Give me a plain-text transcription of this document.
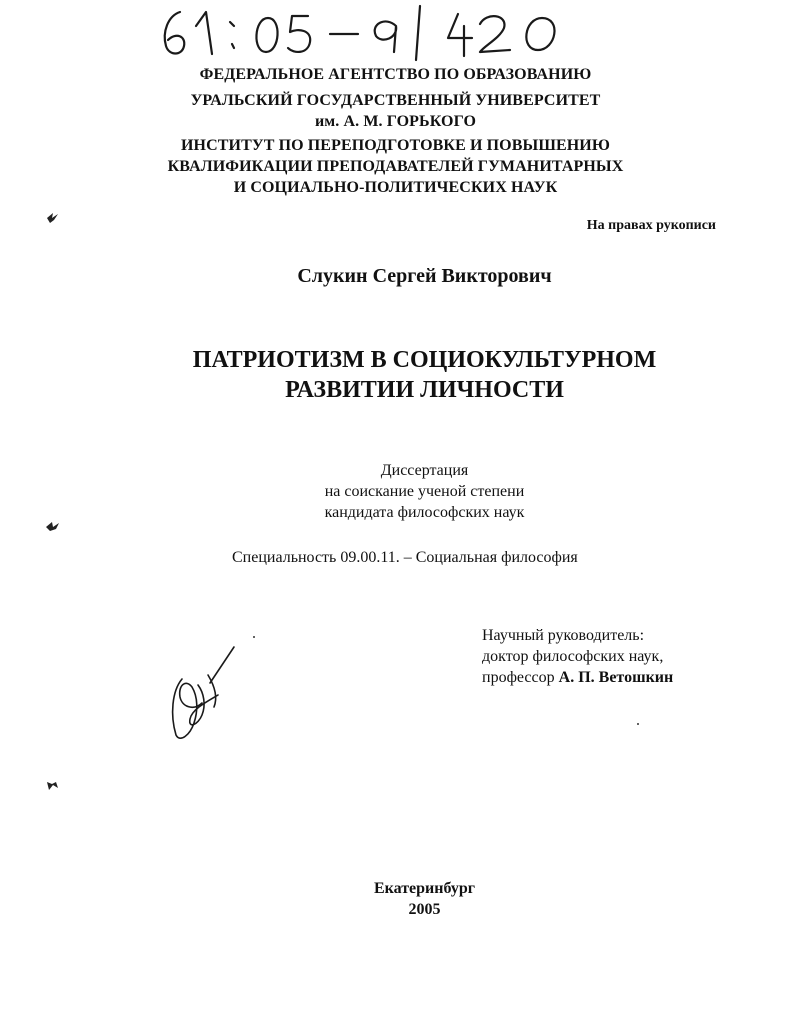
ФЕДЕРАЛЬНОЕ АГЕНТСТВО ПО ОБРАЗОВАНИЮ
УРАЛЬСКИЙ ГОСУДАРСТВЕННЫЙ УНИВЕРСИТЕТ
им. А. М. ГОРЬКОГО
ИНСТИТУТ ПО ПЕРЕПОДГОТОВКЕ И ПОВЫШЕНИЮ
КВАЛИФИКАЦИИ ПРЕПОДАВАТЕЛЕЙ ГУМАНИТАРНЫХ
И СОЦИАЛЬНО-ПОЛИТИЧЕСКИХ НАУК
На правах рукописи
Слукин Сергей Викторович
ПАТРИОТИЗМ В СОЦИОКУЛЬТУРНОМ
РАЗВИТИИ ЛИЧНОСТИ
Диссертация
на соискание ученой степени
кандидата философских наук
Специальность 09.00.11. – Социальная философия
Научный руководитель:
доктор философских наук,
профессор А. П. Ветошкин
Екатеринбург
2005
